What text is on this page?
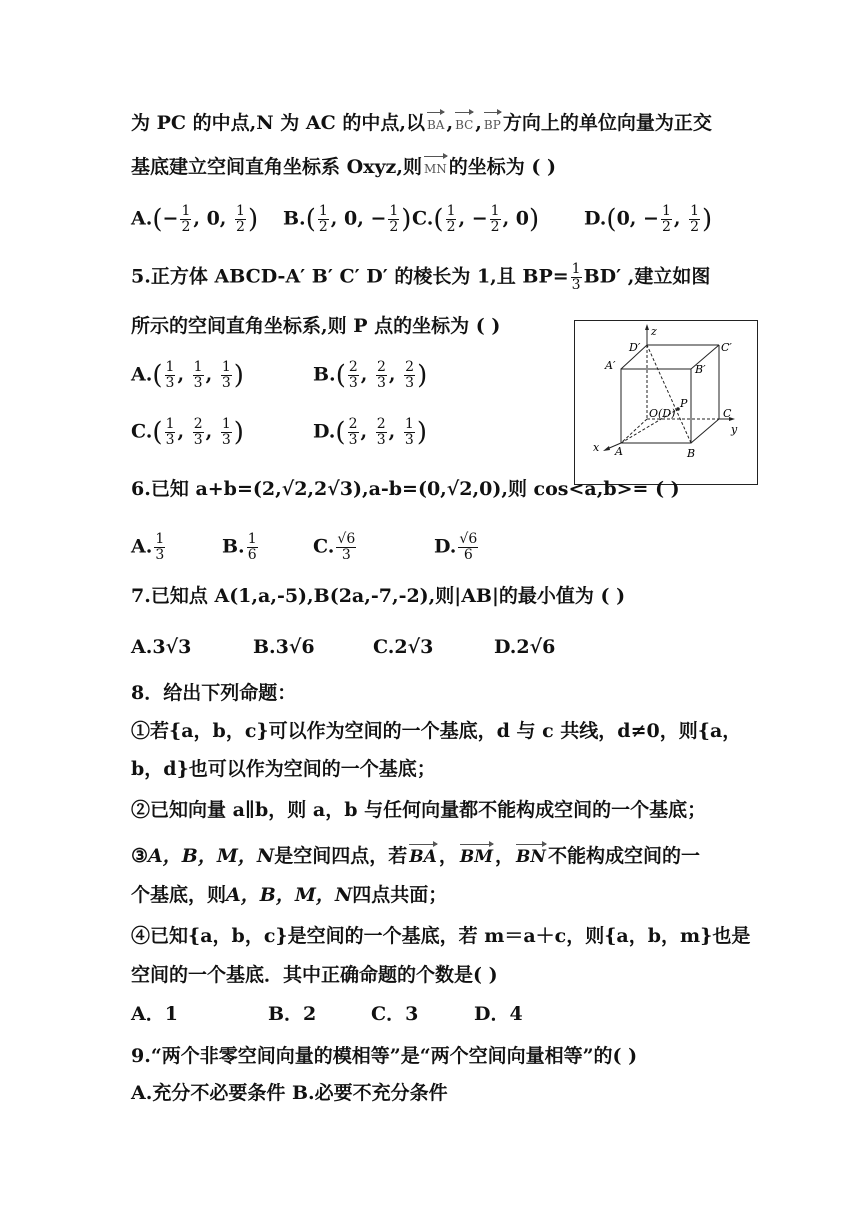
为 PC 的中点,N 为 AC 的中点,以 BA , BC , BP 方向上的单位向量为正交
基底建立空间直角坐标系 Oxyz,则 MN 的坐标为 ( )
$A.(- \frac{1}{2}$ , 0, $\frac{1}{2}$ ) $B.( \frac{1}{2}$ , 0, − $\frac{1}{2}$ ) $C.( \frac{1}{2}$ , − $\frac{1}{2}$ , 0) D.(0, − $\frac{1}{2}$ , $\frac{1}{2}$ )
5.正方体 ABCD-A′ B′ C′ D′ 的棱长为 1,且 $BP= \frac{1}{3} BD'$ ,建立如图
所示的空间直角坐标系,则 P 点的坐标为 ( )
$A.( \frac{1}{3}$ , $\frac{1}{3}$ , $\frac{1}{3}$ )	$B.( \frac{2}{3}$ , $\frac{2}{3}$ , $\frac{2}{3}$ )
$C.( \frac{1}{3}$ , $\frac{2}{3}$ , $\frac{1}{3}$ )	$D.( \frac{2}{3}$ , $\frac{2}{3}$ , $\frac{1}{3}$ )
z
D′	C′
A′	B′
P
O(D)	C
y
x A	B
6.已知 a+b=(2,√2,2√3),a-b=(0,√2,0),则 cos<a,b>= ( )
A. $\frac{1}{3}$	B. $\frac{1}{6}$	C. $\frac{√6}{3}$	D. $\frac{√6}{6}$
7.已知点 A(1,a,-5),B(2a,-7,-2),则|AB|的最小值为 ( )
A.3√3	B.3√6	C.2√3	D.2√6
8．给出下列命题：
①若{a，b，c}可以作为空间的一个基底，d 与 c 共线，d≠0，则{a，
b，d}也可以作为空间的一个基底；
②已知向量 a∥b，则 a，b 与任何向量都不能构成空间的一个基底；
③A，B，M，N是空间四点，若 BA ， BM ， BN 不能构成空间的一
个基底，则A，B，M，N四点共面；
④已知{a，b，c}是空间的一个基底，若 m＝a＋c，则{a，b，m}也是
空间的一个基底．其中正确命题的个数是( )
A．1	B．2	C．3	D．4
9.“两个非零空间向量的模相等”是“两个空间向量相等”的( )
A.充分不必要条件 B.必要不充分条件
